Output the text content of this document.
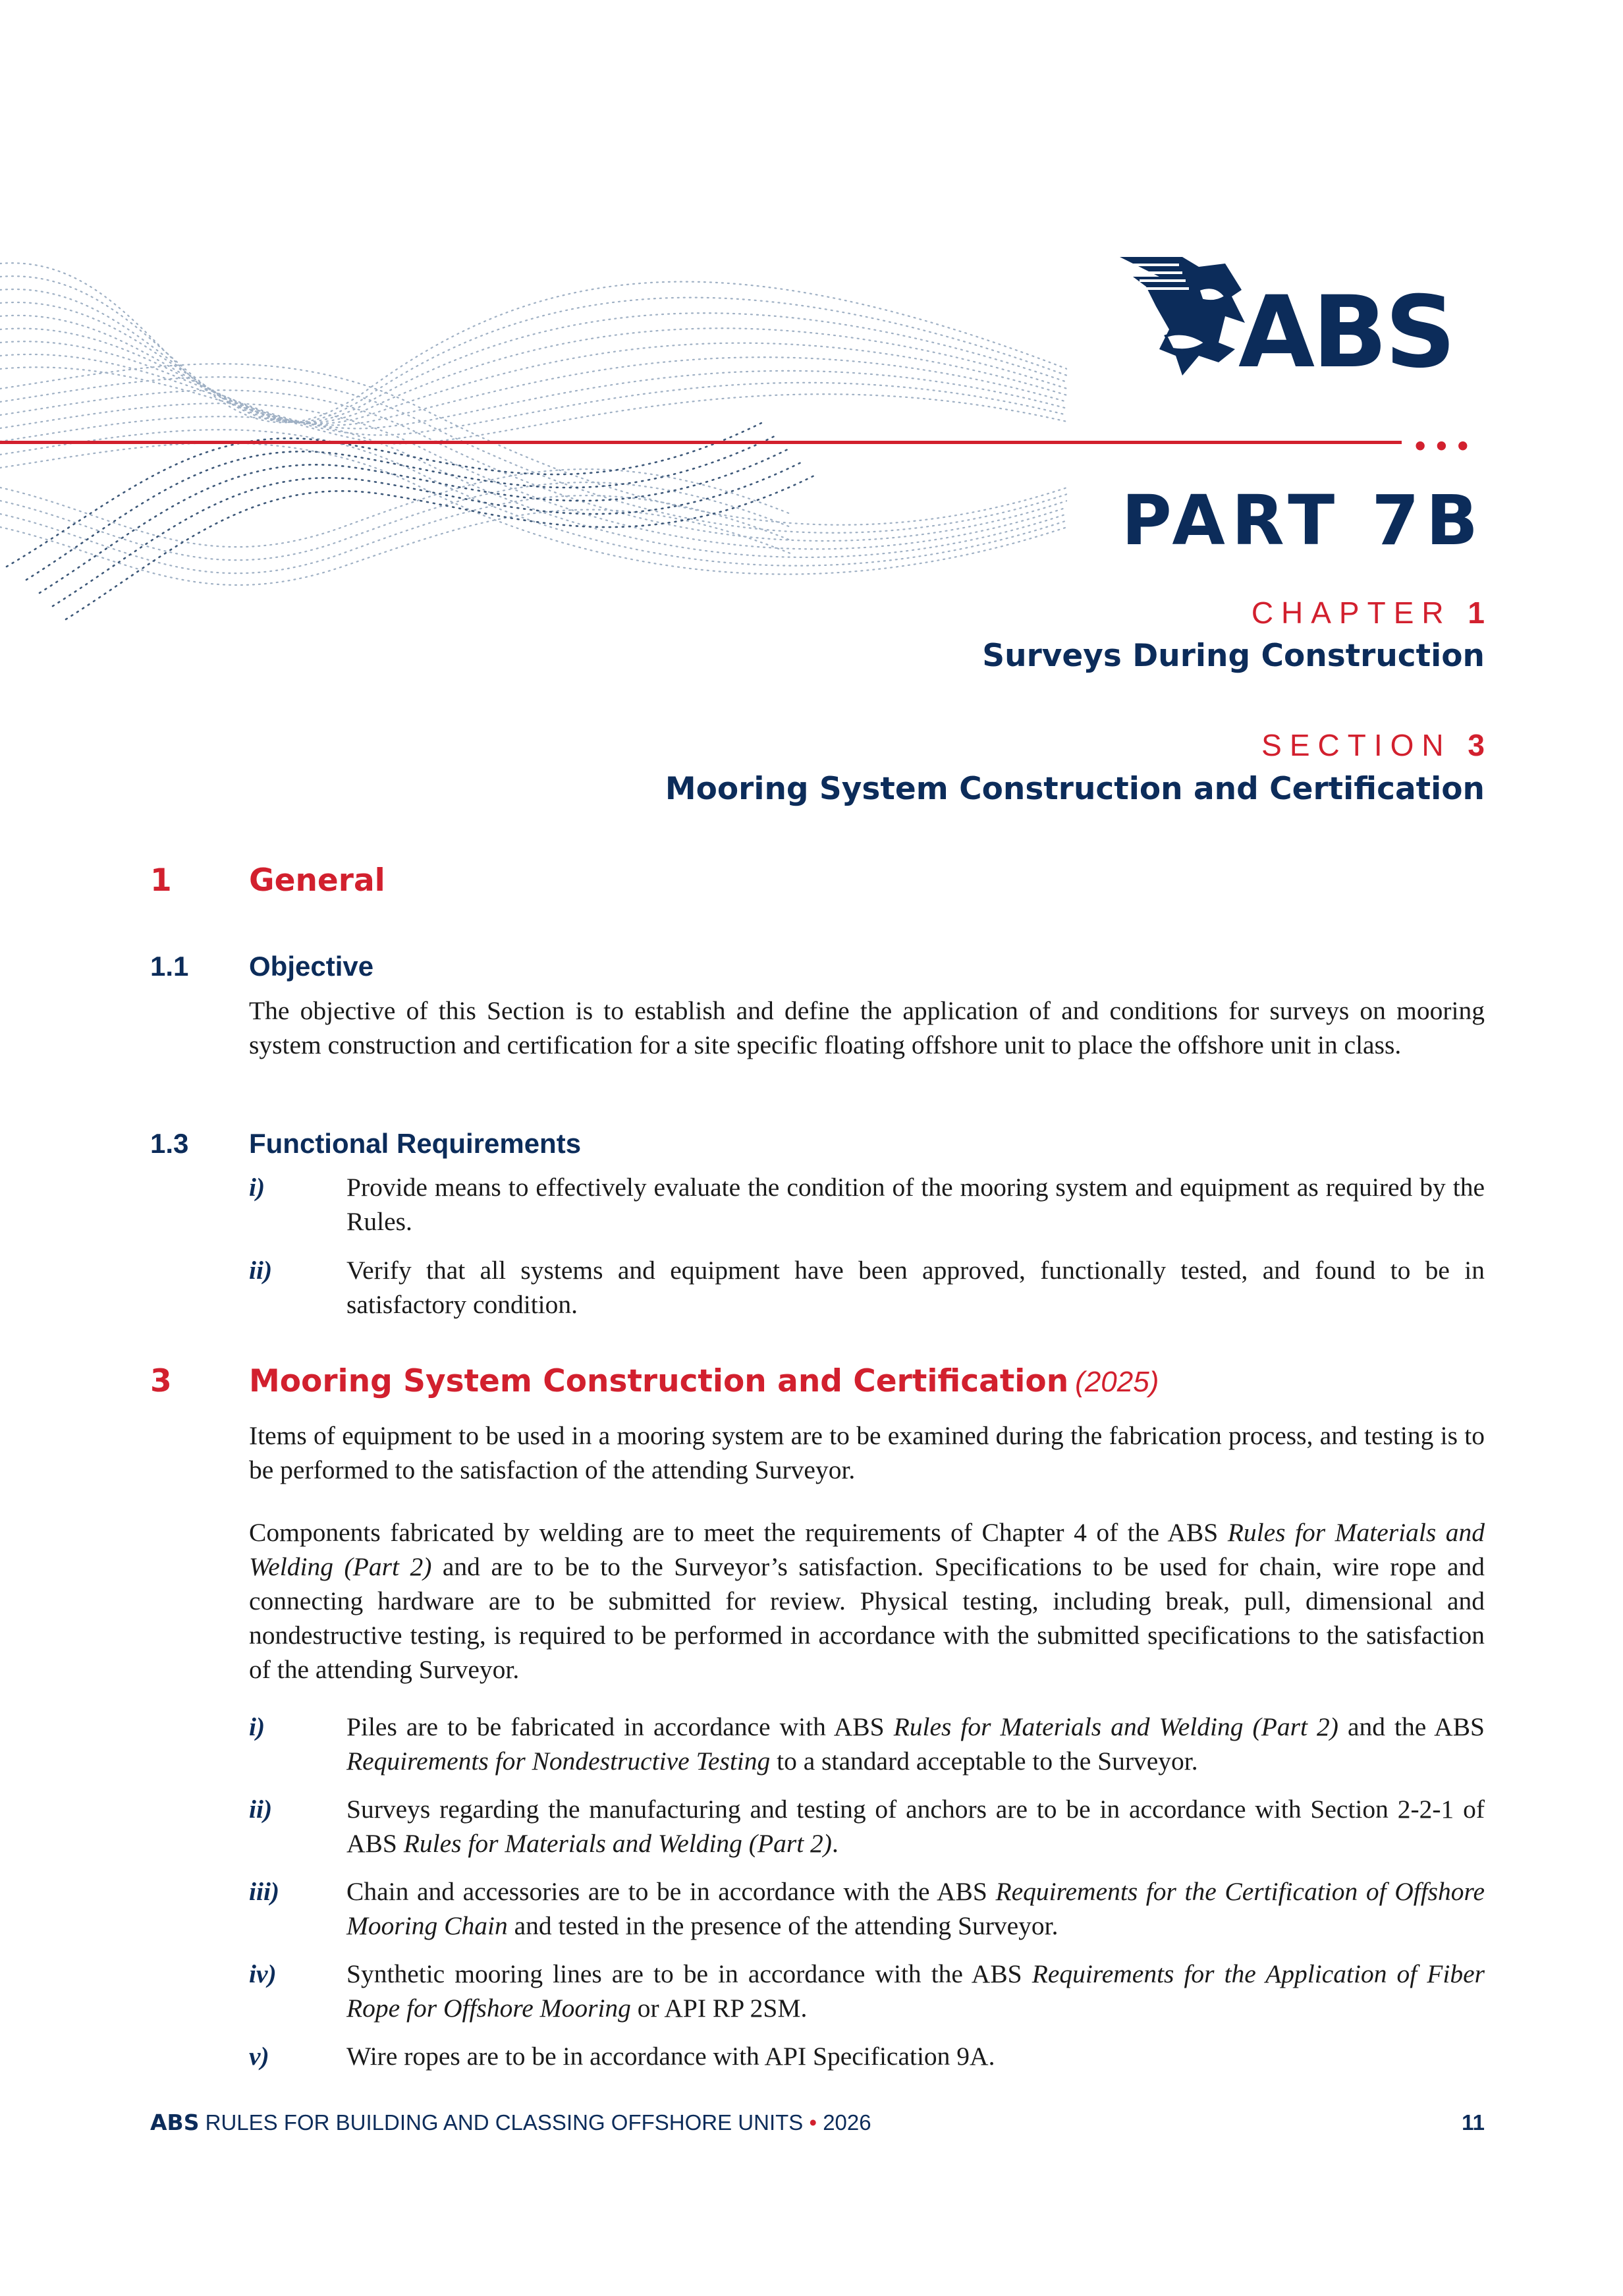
ABS
•••
PART 7B
CHAPTER 1
Surveys During Construction
SECTION 3
Mooring System Construction and Certification
1 General
1.1 Objective

The objective of this Section is to establish and define the application of and conditions for surveys on mooring system construction and certification for a site specific floating offshore unit to place the offshore unit in class.

1.3 Functional Requirements
i)	Provide means to effectively evaluate the condition of the mooring system and equipment as required by the Rules.
ii)	Verify that all systems and equipment have been approved, functionally tested, and found to be in satisfactory condition.
3 Mooring System Construction and Certification (2025)

Items of equipment to be used in a mooring system are to be examined during the fabrication process, and testing is to be performed to the satisfaction of the attending Surveyor.

Components fabricated by welding are to meet the requirements of Chapter 4 of the ABS Rules for Materials and Welding (Part 2) and are to be to the Surveyor’s satisfaction. Specifications to be used for chain, wire rope and connecting hardware are to be submitted for review. Physical testing, including break, pull, dimensional and nondestructive testing, is required to be performed in accordance with the submitted specifications to the satisfaction of the attending Surveyor.

i)	Piles are to be fabricated in accordance with ABS Rules for Materials and Welding (Part 2) and the ABS Requirements for Nondestructive Testing to a standard acceptable to the Surveyor.
ii)	Surveys regarding the manufacturing and testing of anchors are to be in accordance with Section 2-2-1 of ABS Rules for Materials and Welding (Part 2).
iii)	Chain and accessories are to be in accordance with the ABS Requirements for the Certification of Offshore Mooring Chain and tested in the presence of the attending Surveyor.
iv)	Synthetic mooring lines are to be in accordance with the ABS Requirements for the Application of Fiber Rope for Offshore Mooring or API RP 2SM.
v)	Wire ropes are to be in accordance with API Specification 9A.
ABS RULES FOR BUILDING AND CLASSING OFFSHORE UNITS • 2026	11
